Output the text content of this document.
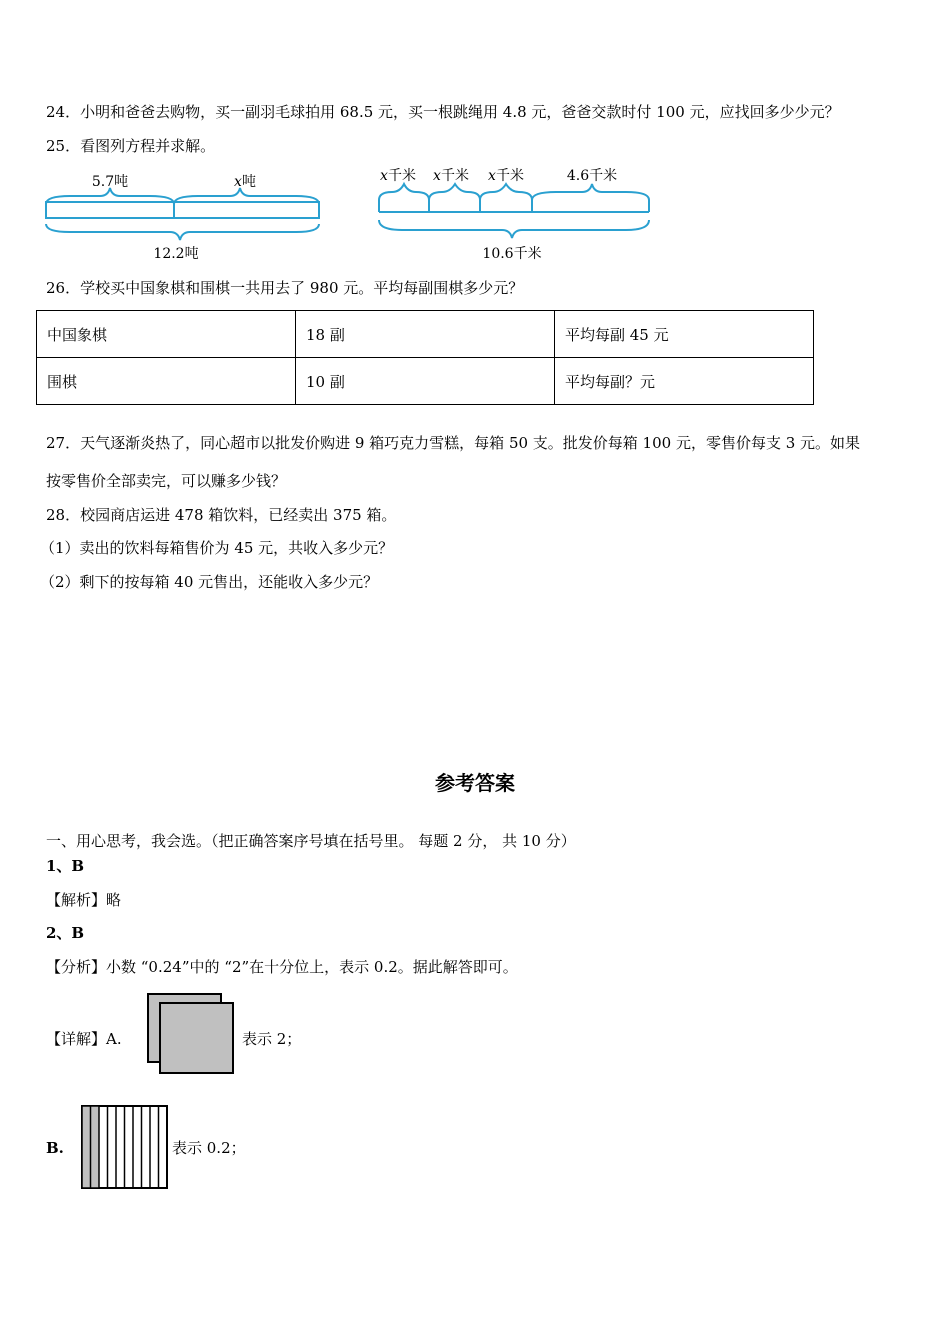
24．小明和爸爸去购物，买一副羽毛球拍用 68.5 元，买一根跳绳用 4.8 元，爸爸交款时付 100 元，应找回多少少元？
25．看图列方程并求解。
5.7吨	x吨
12.2吨
x千米 x千米 x千米	4.6千米
10.6千米
26．学校买中国象棋和围棋一共用去了 980 元。平均每副围棋多少元？
中国象棋	18 副	平均每副 45 元
围棋	10 副	平均每副？元
27．天气逐渐炎热了，同心超市以批发价购进 9 箱巧克力雪糕，每箱 50 支。批发价每箱 100 元，零售价每支 3 元。如果
按零售价全部卖完，可以赚多少钱？
28．校园商店运进 478 箱饮料，已经卖出 375 箱。
（1）卖出的饮料每箱售价为 45 元，共收入多少元？
（2）剩下的按每箱 40 元售出，还能收入多少元？
参考答案
一、用心思考，我会选。（把正确答案序号填在括号里。 每题 2 分， 共 10 分）
1、B
【解析】略
2、B
【分析】小数 “0.24”中的 “2”在十分位上，表示 0.2。据此解答即可。
【详解】A.	表示 2；
B.	表示 0.2；
